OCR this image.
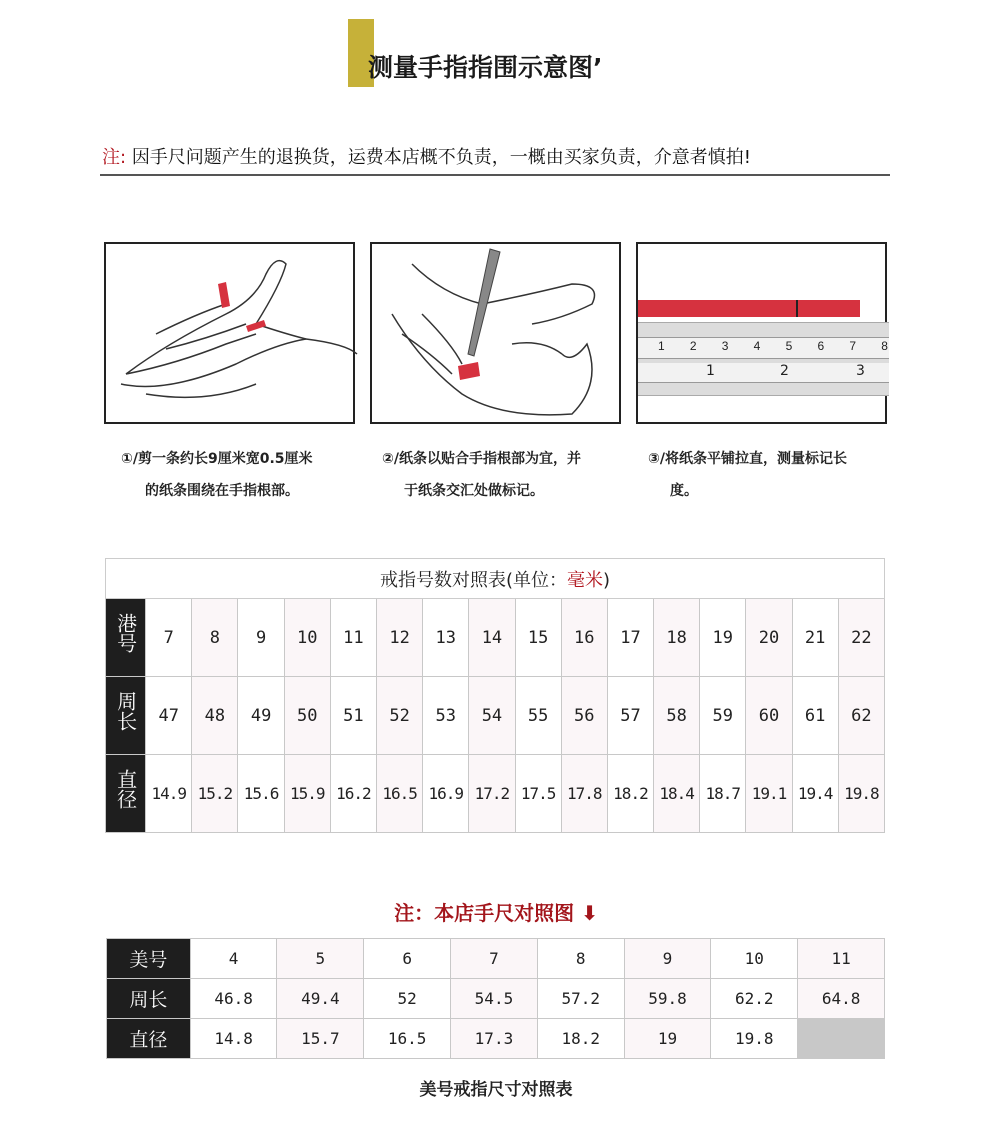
测量手指指围示意图’
注: 因手尺问题产生的退换货，运费本店概不负责，一概由买家负责，介意者慎拍!
1 2 3 4 5 6 7 8
1	2	3
①/剪一条约长9厘米宽0.5厘米
的纸条围绕在手指根部。
②/纸条以贴合手指根部为宜，并
于纸条交汇处做标记。
③/将纸条平铺拉直，测量标记长
度。
戒指号数对照表(单位：毫米)																
港号	7	8	9	10	11	12	13	14	15	16	17	18	19	20	21	22
周长	47	48	49	50	51	52	53	54	55	56	57	58	59	60	61	62
直径	14.9	15.2	15.6	15.9	16.2	16.5	16.9	17.2	17.5	17.8	18.2	18.4	18.7	19.1	19.4	19.8
注：本店手尺对照图 ⬇
美号	4	5	6	7	8	9	10	11
周长	46.8	49.4	52	54.5	57.2	59.8	62.2	64.8
直径	14.8	15.7	16.5	17.3	18.2	19	19.8	
美号戒指尺寸对照表
